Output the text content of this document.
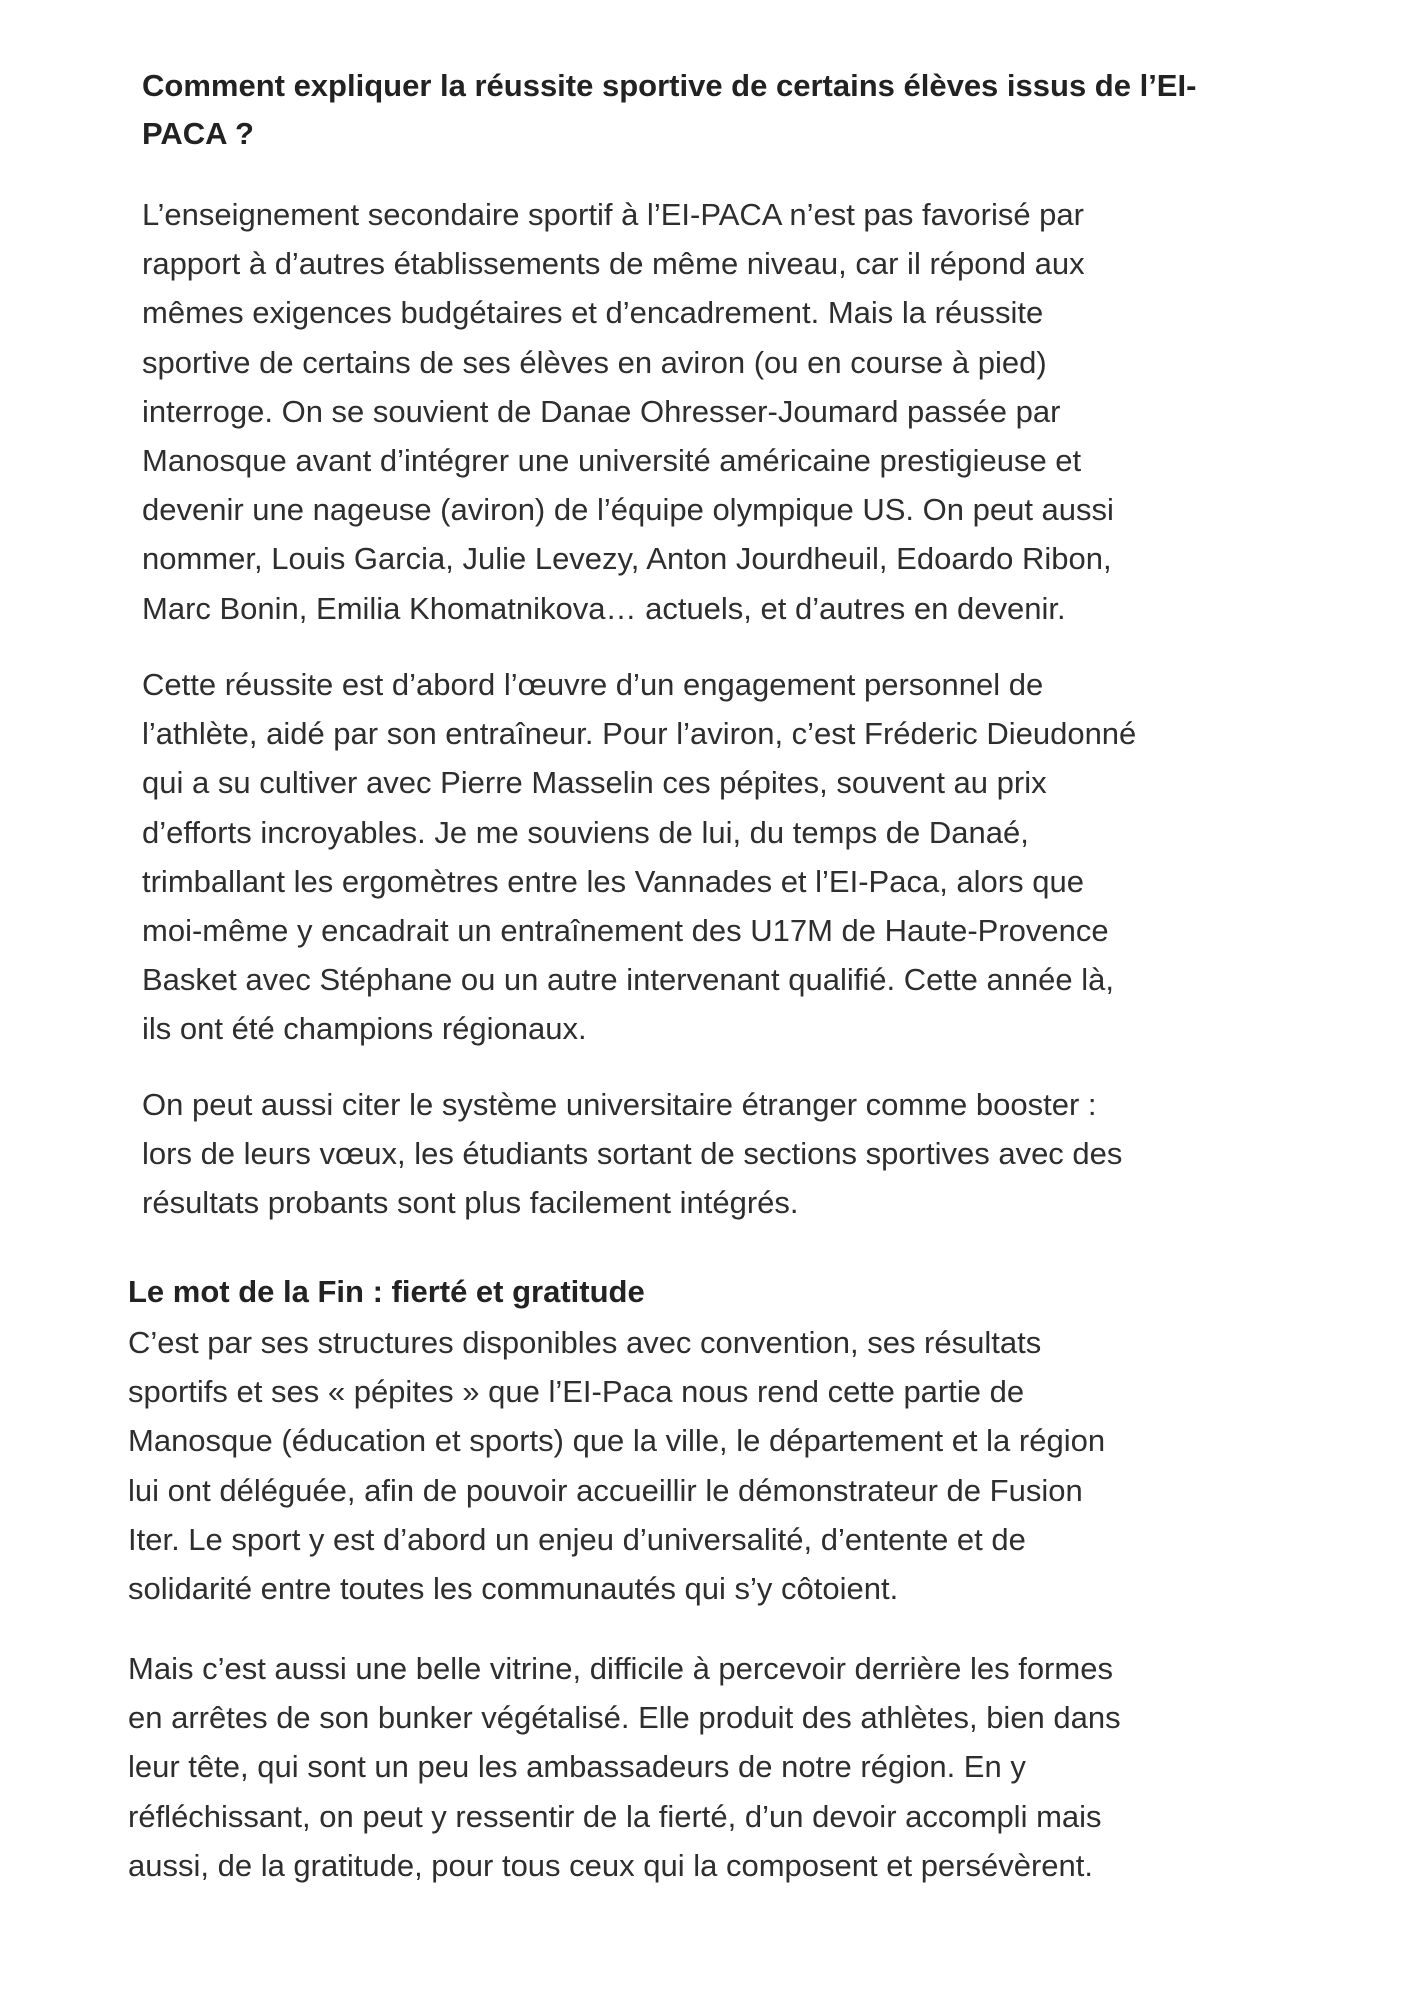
Comment expliquer la réussite sportive de certains élèves issus de l’EI-
PACA ?

L’enseignement secondaire sportif à l’EI-PACA n’est pas favorisé par
rapport à d’autres établissements de même niveau, car il répond aux
mêmes exigences budgétaires et d’encadrement. Mais la réussite
sportive de certains de ses élèves en aviron (ou en course à pied)
interroge. On se souvient de Danae Ohresser-Joumard passée par
Manosque avant d’intégrer une université américaine prestigieuse et
devenir une nageuse (aviron) de l’équipe olympique US. On peut aussi
nommer, Louis Garcia, Julie Levezy, Anton Jourdheuil, Edoardo Ribon,
Marc Bonin, Emilia Khomatnikova… actuels, et d’autres en devenir.

Cette réussite est d’abord l’œuvre d’un engagement personnel de
l’athlète, aidé par son entraîneur. Pour l’aviron, c’est Fréderic Dieudonné
qui a su cultiver avec Pierre Masselin ces pépites, souvent au prix
d’efforts incroyables. Je me souviens de lui, du temps de Danaé,
trimballant les ergomètres entre les Vannades et l’EI-Paca, alors que
moi-même y encadrait un entraînement des U17M de Haute-Provence
Basket avec Stéphane ou un autre intervenant qualifié. Cette année là,
ils ont été champions régionaux.

On peut aussi citer le système universitaire étranger comme booster :
lors de leurs vœux, les étudiants sortant de sections sportives avec des
résultats probants sont plus facilement intégrés.

Le mot de la Fin : fierté et gratitude

C’est par ses structures disponibles avec convention, ses résultats
sportifs et ses « pépites » que l’EI-Paca nous rend cette partie de
Manosque (éducation et sports) que la ville, le département et la région
lui ont déléguée, afin de pouvoir accueillir le démonstrateur de Fusion
Iter. Le sport y est d’abord un enjeu d’universalité, d’entente et de
solidarité entre toutes les communautés qui s’y côtoient.

Mais c’est aussi une belle vitrine, difficile à percevoir derrière les formes
en arrêtes de son bunker végétalisé. Elle produit des athlètes, bien dans
leur tête, qui sont un peu les ambassadeurs de notre région. En y
réfléchissant, on peut y ressentir de la fierté, d’un devoir accompli mais
aussi, de la gratitude, pour tous ceux qui la composent et persévèrent.
